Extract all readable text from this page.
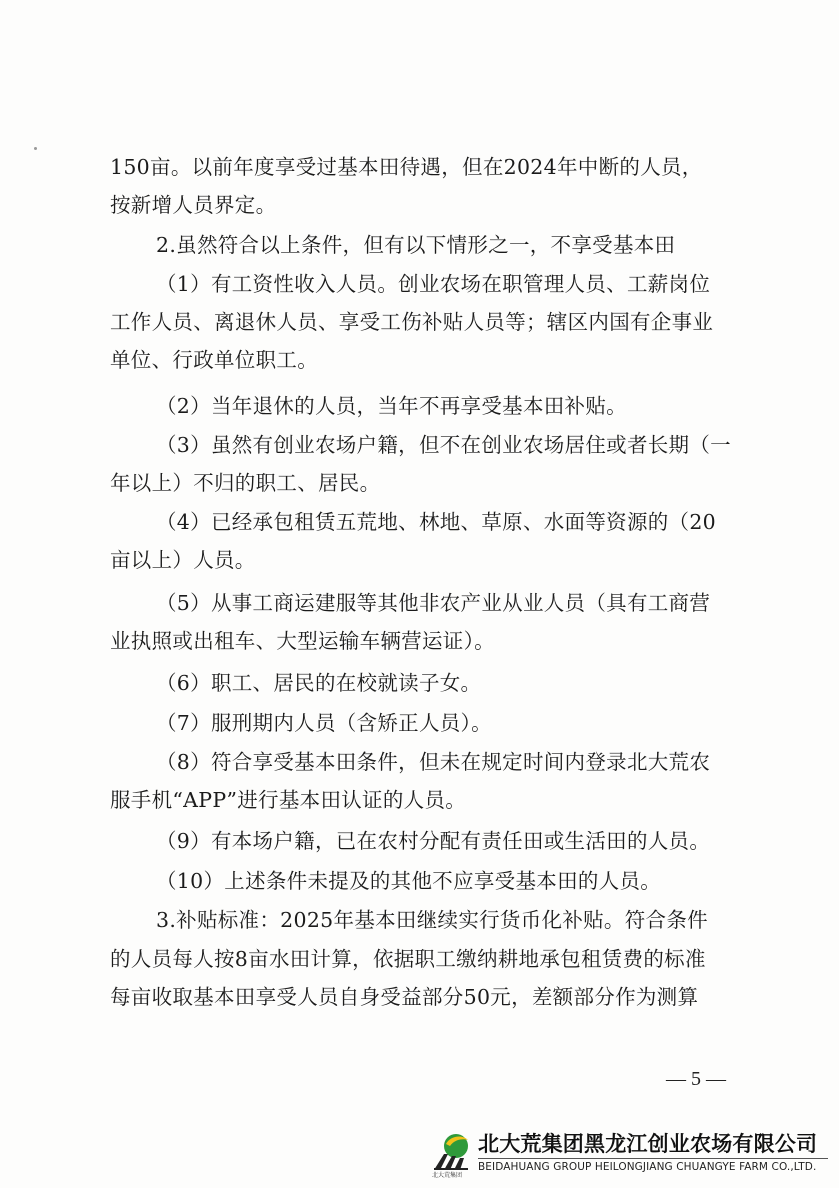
150亩。以前年度享受过基本田待遇，但在2024年中断的人员，
按新增人员界定。
2.虽然符合以上条件，但有以下情形之一，不享受基本田
（1）有工资性收入人员。创业农场在职管理人员、工薪岗位
工作人员、离退休人员、享受工伤补贴人员等；辖区内国有企事业
单位、行政单位职工。
（2）当年退休的人员，当年不再享受基本田补贴。
（3）虽然有创业农场户籍，但不在创业农场居住或者长期（一
年以上）不归的职工、居民。
（4）已经承包租赁五荒地、林地、草原、水面等资源的（20
亩以上）人员。
（5）从事工商运建服等其他非农产业从业人员（具有工商营
业执照或出租车、大型运输车辆营运证）。
（6）职工、居民的在校就读子女。
（7）服刑期内人员（含矫正人员）。
（8）符合享受基本田条件，但未在规定时间内登录北大荒农
服手机“APP”进行基本田认证的人员。
（9）有本场户籍，已在农村分配有责任田或生活田的人员。
（10）上述条件未提及的其他不应享受基本田的人员。
3.补贴标准：2025年基本田继续实行货币化补贴。符合条件
的人员每人按8亩水田计算，依据职工缴纳耕地承包租赁费的标准
每亩收取基本田享受人员自身受益部分50元，差额部分作为测算
— 5 —
北大荒集团
北大荒集团黑龙江创业农场有限公司
BEIDAHUANG GROUP HEILONGJIANG CHUANGYE FARM CO.,LTD.
